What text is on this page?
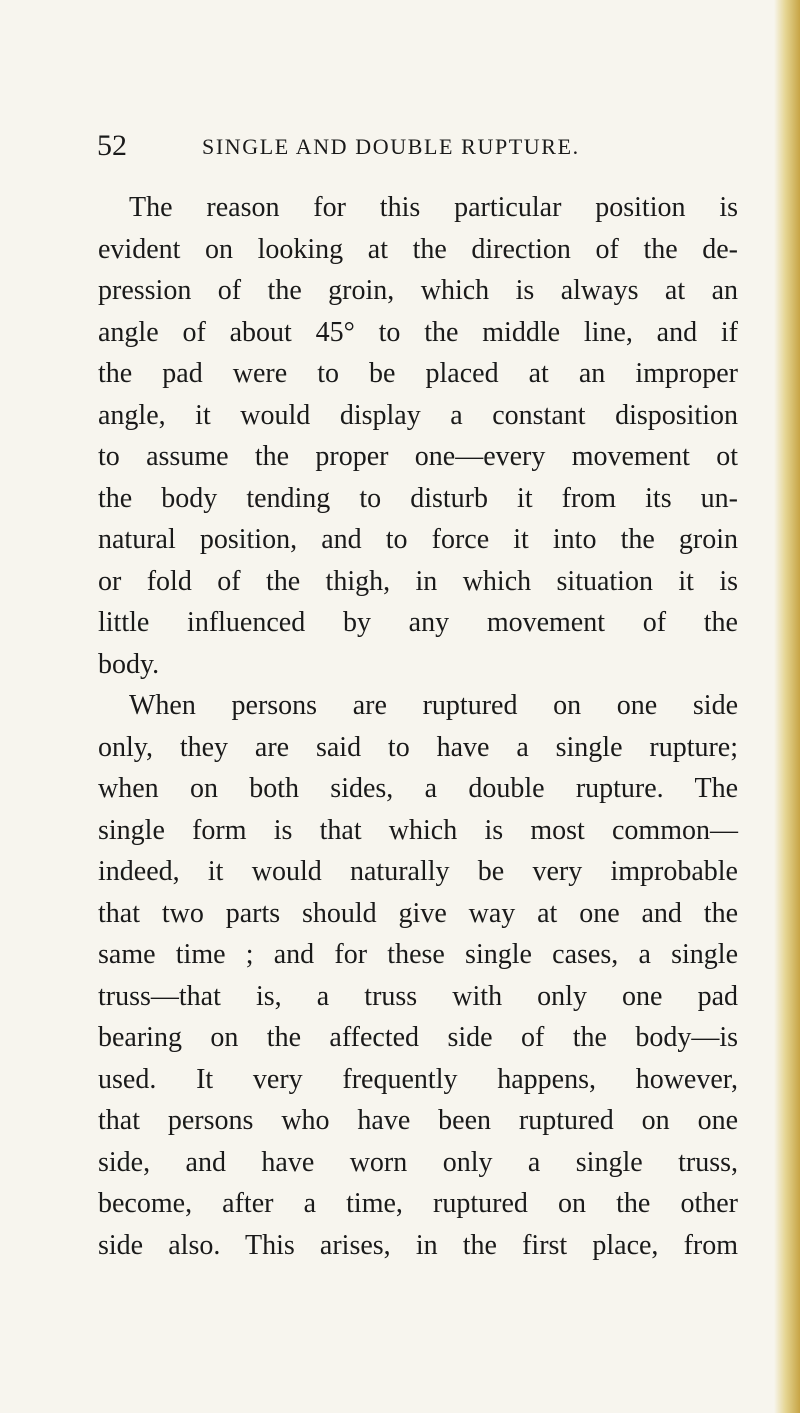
52	SINGLE AND DOUBLE RUPTURE.
The reason for this particular position is
evident on looking at the direction of the de-
pression of the groin, which is always at an
angle of about 45° to the middle line, and if
the pad were to be placed at an improper
angle, it would display a constant disposition
to assume the proper one—every movement ot
the body tending to disturb it from its un-
natural position, and to force it into the groin
or fold of the thigh, in which situation it is
little influenced by any movement of the
body.
When persons are ruptured on one side
only, they are said to have a single rupture;
when on both sides, a double rupture. The
single form is that which is most common—
indeed, it would naturally be very improbable
that two parts should give way at one and the
same time ; and for these single cases, a single
truss—that is, a truss with only one pad
bearing on the affected side of the body—is
used. It very frequently happens, however,
that persons who have been ruptured on one
side, and have worn only a single truss,
become, after a time, ruptured on the other
side also. This arises, in the first place, from
